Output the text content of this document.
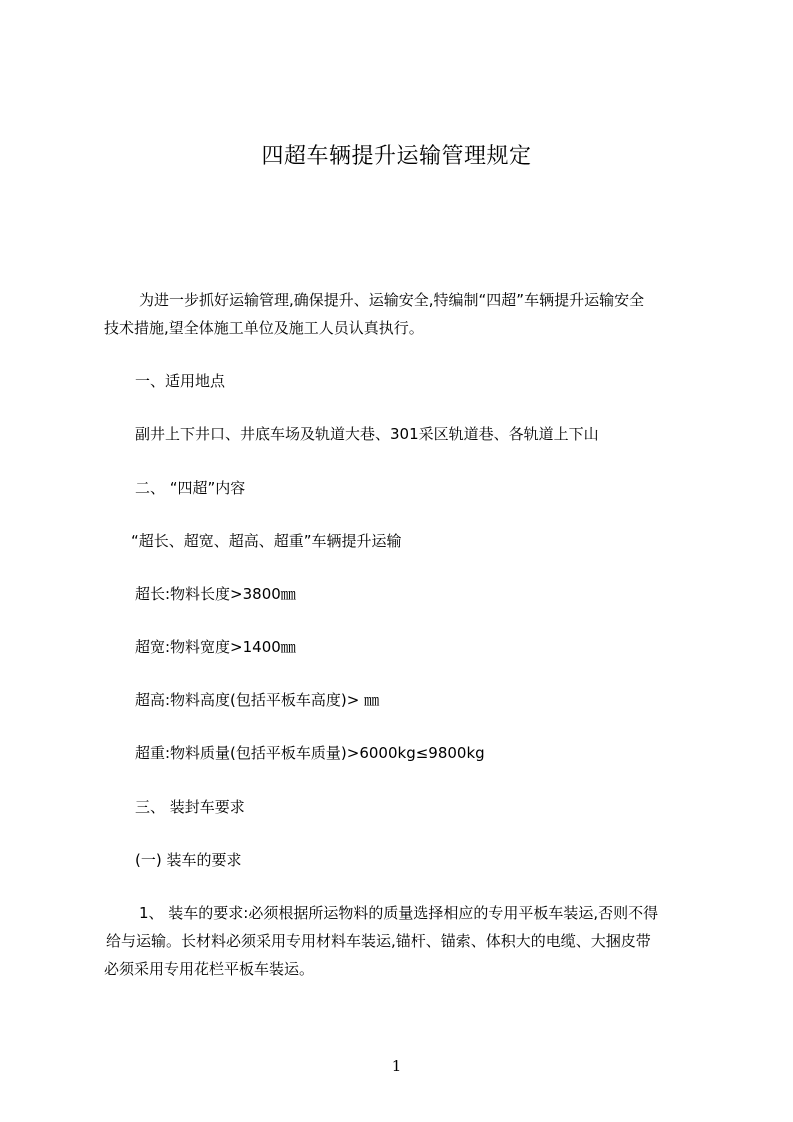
四超车辆提升运输管理规定
为进一步抓好运输管理,确保提升、运输安全,特编制“四超”车辆提升运输安全
技术措施,望全体施工单位及施工人员认真执行。
一、适用地点
副井上下井口、井底车场及轨道大巷、301采区轨道巷、各轨道上下山
二、 “四超”内容
“超长、超宽、超高、超重”车辆提升运输
超长:物料长度>3800㎜
超宽:物料宽度>1400㎜
超高:物料高度(包括平板车高度)> ㎜
超重:物料质量(包括平板车质量)>6000kg≤9800kg
三、 装封车要求
(一) 装车的要求
1、 装车的要求:必须根据所运物料的质量选择相应的专用平板车装运,否则不得
给与运输。长材料必须采用专用材料车装运,锚杆、锚索、体积大的电缆、大捆皮带
必须采用专用花栏平板车装运。
1
